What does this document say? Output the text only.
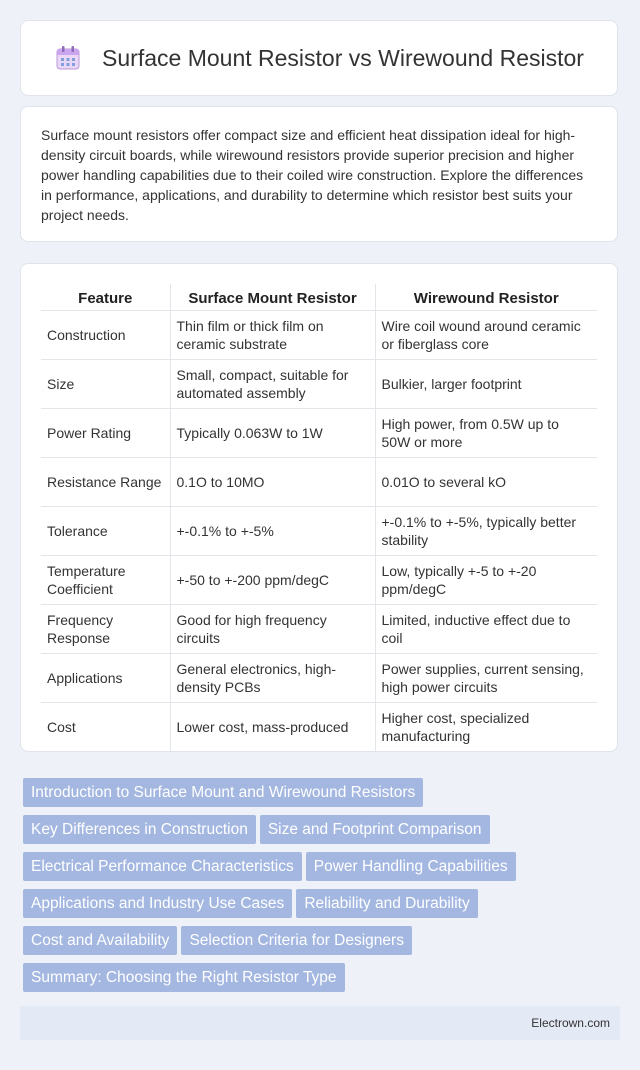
Surface Mount Resistor vs Wirewound Resistor

Surface mount resistors offer compact size and efficient heat dissipation ideal for high-density circuit boards, while wirewound resistors provide superior precision and higher power handling capabilities due to their coiled wire construction. Explore the differences in performance, applications, and durability to determine which resistor best suits your project needs.

Feature	Surface Mount Resistor	Wirewound Resistor
Construction	Thin film or thick film on ceramic substrate	Wire coil wound around ceramic or fiberglass core
Size	Small, compact, suitable for automated assembly	Bulkier, larger footprint
Power Rating	Typically 0.063W to 1W	High power, from 0.5W up to 50W or more
Resistance Range	0.1O to 10MO	0.01O to several kO
Tolerance	+-0.1% to +-5%	+-0.1% to +-5%, typically better stability
Temperature Coefficient	+-50 to +-200 ppm/degC	Low, typically +-5 to +-20 ppm/degC
Frequency Response	Good for high frequency circuits	Limited, inductive effect due to coil
Applications	General electronics, high-density PCBs	Power supplies, current sensing, high power circuits
Cost	Lower cost, mass-produced	Higher cost, specialized manufacturing
Introduction to Surface Mount and Wirewound ResistorsKey Differences in Construction Size and Footprint ComparisonElectrical Performance Characteristics Power Handling CapabilitiesApplications and Industry Use Cases Reliability and DurabilityCost and Availability Selection Criteria for DesignersSummary: Choosing the Right Resistor Type
Electrown.com
